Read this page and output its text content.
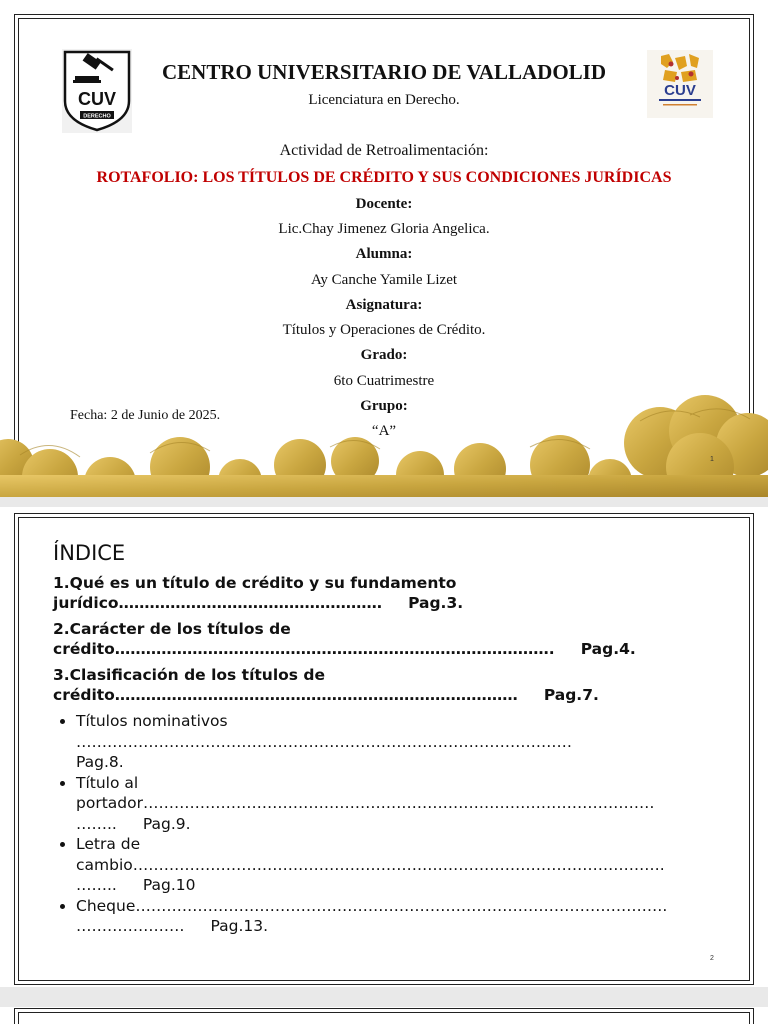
CUV
DERECHO
CUV
CENTRO UNIVERSITARIO DE VALLADOLID
Licenciatura en Derecho.
Actividad de Retroalimentación:
ROTAFOLIO: LOS TÍTULOS DE CRÉDITO Y SUS CONDICIONES JURÍDICAS
Docente:
Lic.Chay Jimenez Gloria Angelica.
Alumna:
Ay Canche Yamile Lizet
Asignatura:
Títulos y Operaciones de Crédito.
Grado:
6to Cuatrimestre
Grupo:
“A”
Fecha: 2 de Junio de 2025.
1
ÍNDICE
1.Qué es un título de crédito y su fundamento
jurídico…………………………………………… Pag.3.
2.Carácter de los títulos de
crédito…………………………………………………………………………. Pag.4.
3.Clasificación de los títulos de
crédito…………………………………………………………………… Pag.7.
• Títulos nominativos
……………………………………………………………………………………
Pag.8.
• Título al
portador………………………………………………………………………………………
…….. Pag.9.
• Letra de
cambio………………………………………………………………………………………….
…….. Pag.10
• Cheque………………………………………………………………………………………….
………………… Pag.13.
2
